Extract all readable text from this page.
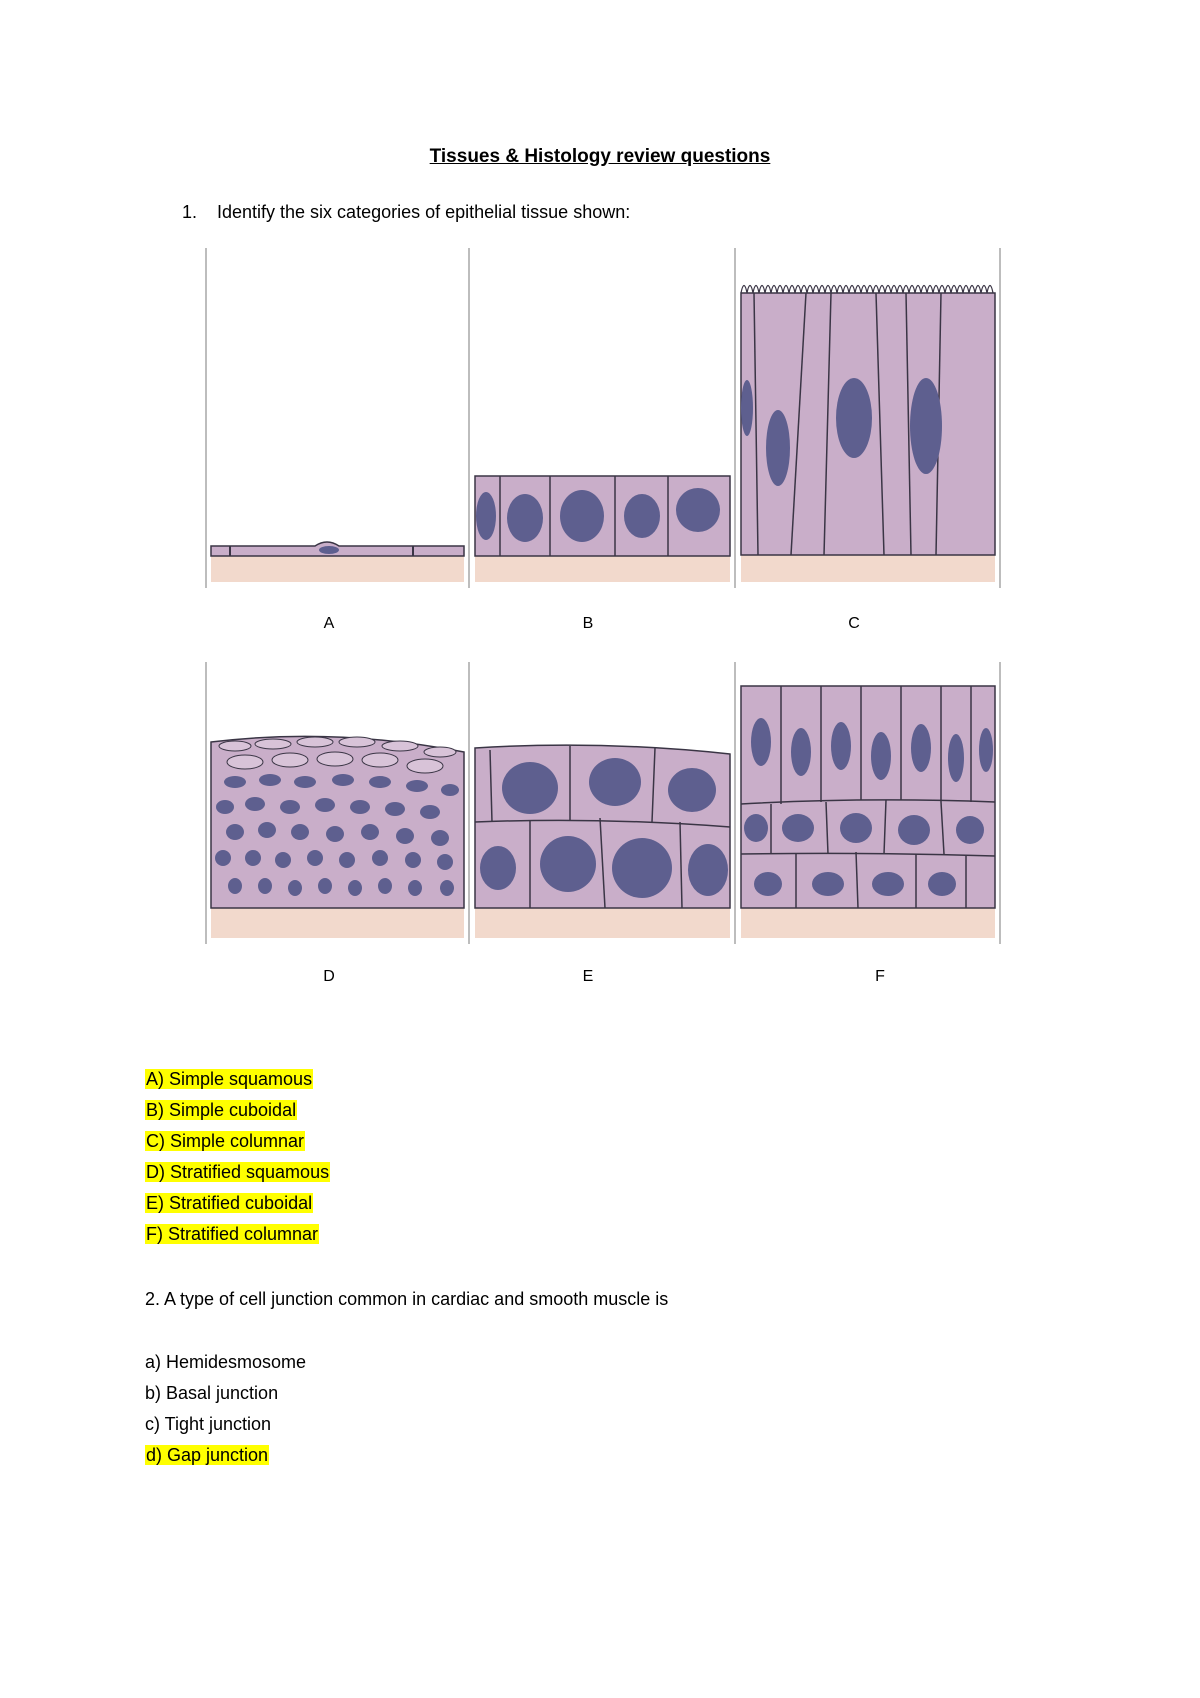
Tissues & Histology review questions
1. Identify the six categories of epithelial tissue shown:
A	B	C
D	E	F
A) Simple squamous
B) Simple cuboidal
C) Simple columnar
D) Stratified squamous
E) Stratified cuboidal
F) Stratified columnar
2. A type of cell junction common in cardiac and smooth muscle is
a) Hemidesmosome
b) Basal junction
c) Tight junction
d) Gap junction
